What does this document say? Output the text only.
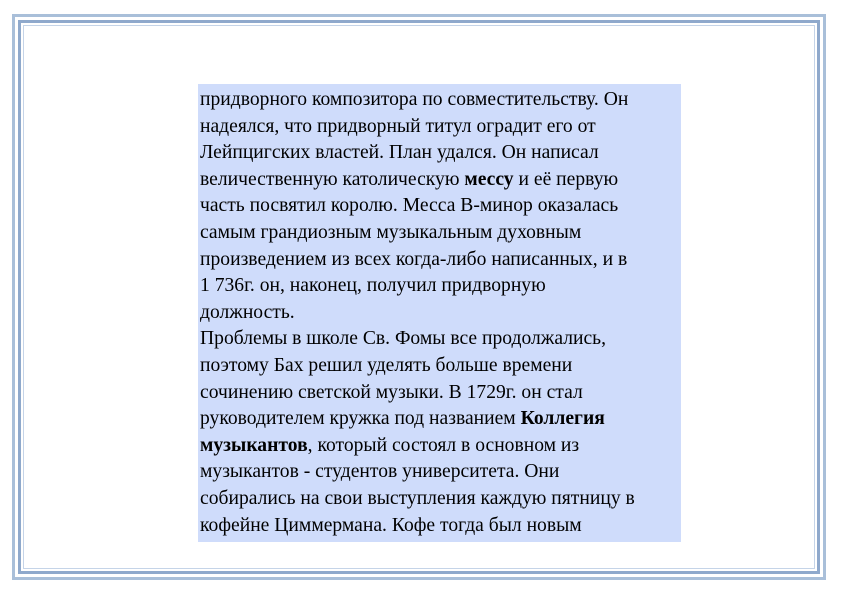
придворного композитора по совместительству. Он
надеялся, что придворный титул оградит его от
Лейпцигских властей. План удался. Он написал
величественную католическую мессу и её первую
часть посвятил королю. Месса B-минор оказалась
самым грандиозным музыкальным духовным
произведением из всех когда-либо написанных, и в
1 736г. он, наконец, получил придворную
должность.
Проблемы в школе Св. Фомы все продолжались,
поэтому Бах решил уделять больше времени
сочинению светской музыки. В 1729г. он стал
руководителем кружка под названием Коллегия
музыкантов, который состоял в основном из
музыкантов - студентов университета. Они
собирались на свои выступления каждую пятницу в
кофейне Циммермана. Кофе тогда был новым
